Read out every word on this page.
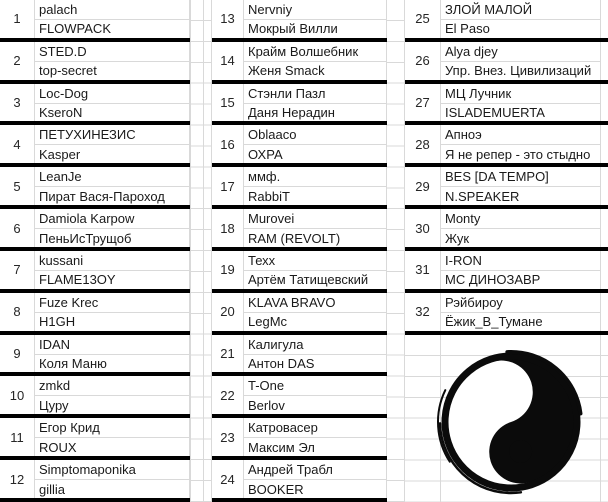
1
palach
FLOWPACK
2
STED.D
top-secret
3
Loc-Dog
KseroN
4
ПЕТУХИНЕЗИС
Kasper
5
LeanJe
Пират Вася-Пароход
6
Damiola Karpow
ПеньИсТрущоб
7
kussani
FLAME13OY
8
Fuze Krec
H1GH
9
IDAN
Коля Маню
10
zmkd
Цуру
11
Егор Крид
ROUX
12
Simptomaponika
gillia
13
Nervniy
Мокрый Вилли
14
Крайм Волшебник
Женя Smack
15
Стэнли Пазл
Даня Нерадин
16
Oblaaco
ОХРА
17
ммф.
RabbiT
18
Murovei
RAM (REVOLT)
19
Техх
Артём Татищевский
20
KLAVA BRAVO
LegMc
21
Калигула
Антон DAS
22
T-One
Berlov
23
Катровасер
Максим Эл
24
Андрей Трабл
BOOKER
25
ЗЛОЙ МАЛОЙ
El Paso
26
Alya djey
Упр. Внез. Цивилизаций
27
МЦ Лучник
ISLADEMUERTA
28
Апноэ
Я не репер - это стыдно
29
BES [DA TEMPO]
N.SPEAKER
30
Monty
Жук
31
I-RON
МС ДИНОЗАВР
32
Рэйбироу
Ёжик_В_Тумане
